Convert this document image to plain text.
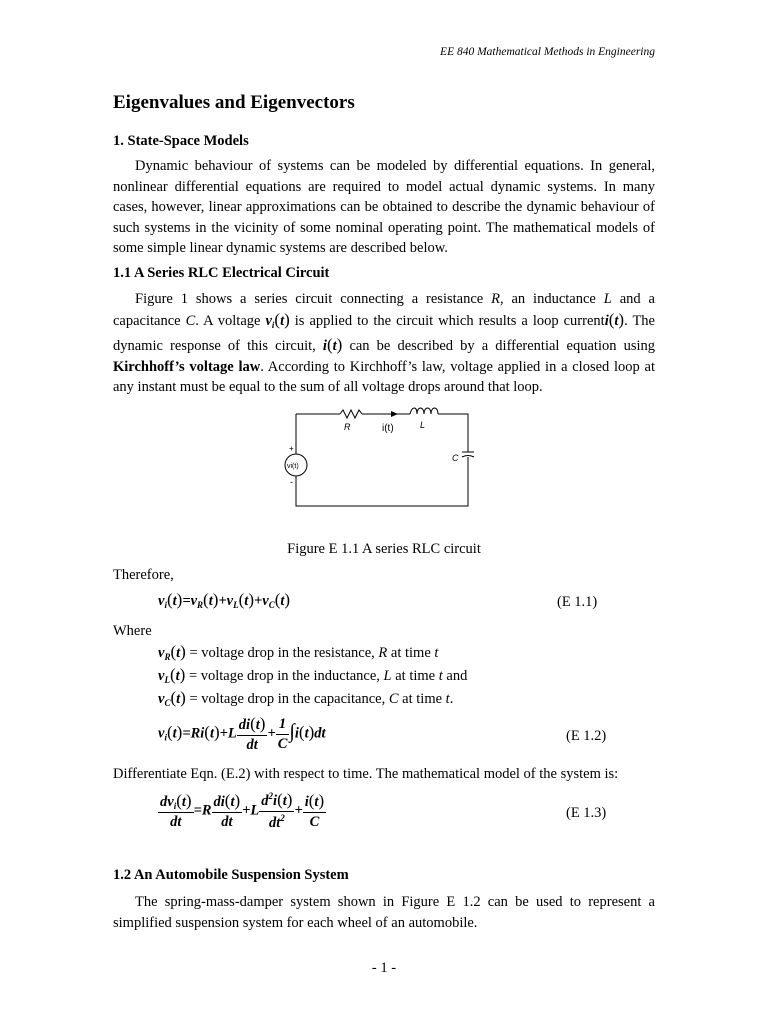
EE 840 Mathematical Methods in Engineering
Eigenvalues and Eigenvectors
1. State-Space Models
Dynamic behaviour of systems can be modeled by differential equations. In general, nonlinear differential equations are required to model actual dynamic systems. In many cases, however, linear approximations can be obtained to describe the dynamic behaviour of such systems in the vicinity of some nominal operating point. The mathematical models of some simple linear dynamic systems are described below.
1.1 A Series RLC Electrical Circuit
Figure 1 shows a series circuit connecting a resistance R, an inductance L and a capacitance C. A voltage $v_i(t)$ is applied to the circuit which results a loop currenti(t). The dynamic response of this circuit, i(t) can be described by a differential equation using Kirchhoff’s voltage law. According to Kirchhoff’s law, voltage applied in a closed loop at any instant must be equal to the sum of all voltage drops around that loop.
R	i(t)	L
C
+
-
vi(t)
Figure E 1.1 A series RLC circuit
Therefore,
$v_i(t)=v_R(t)+v_L(t)+v_C(t)$	(E 1.1)
Where
$v_R(t)$ = voltage drop in the resistance, R at time t
$v_L(t)$ = voltage drop in the inductance, L at time t and
$v_C(t)$ = voltage drop in the capacitance, C at time t.
$v_i(t)=Ri(t)+L \frac{di(t)}{dt} + \frac{1}{C} \int i(t)dt$	(E 1.2)
Differentiate Eqn. (E.2) with respect to time. The mathematical model of the system is:
$\frac{dv_i(t)}{dt} =R \frac{di(t)}{dt} +L \frac{d^2i(t)}{dt^2} + \frac{i(t)}{C}$	(E 1.3)
1.2 An Automobile Suspension System
The spring-mass-damper system shown in Figure E 1.2 can be used to represent a simplified suspension system for each wheel of an automobile.
- 1 -
